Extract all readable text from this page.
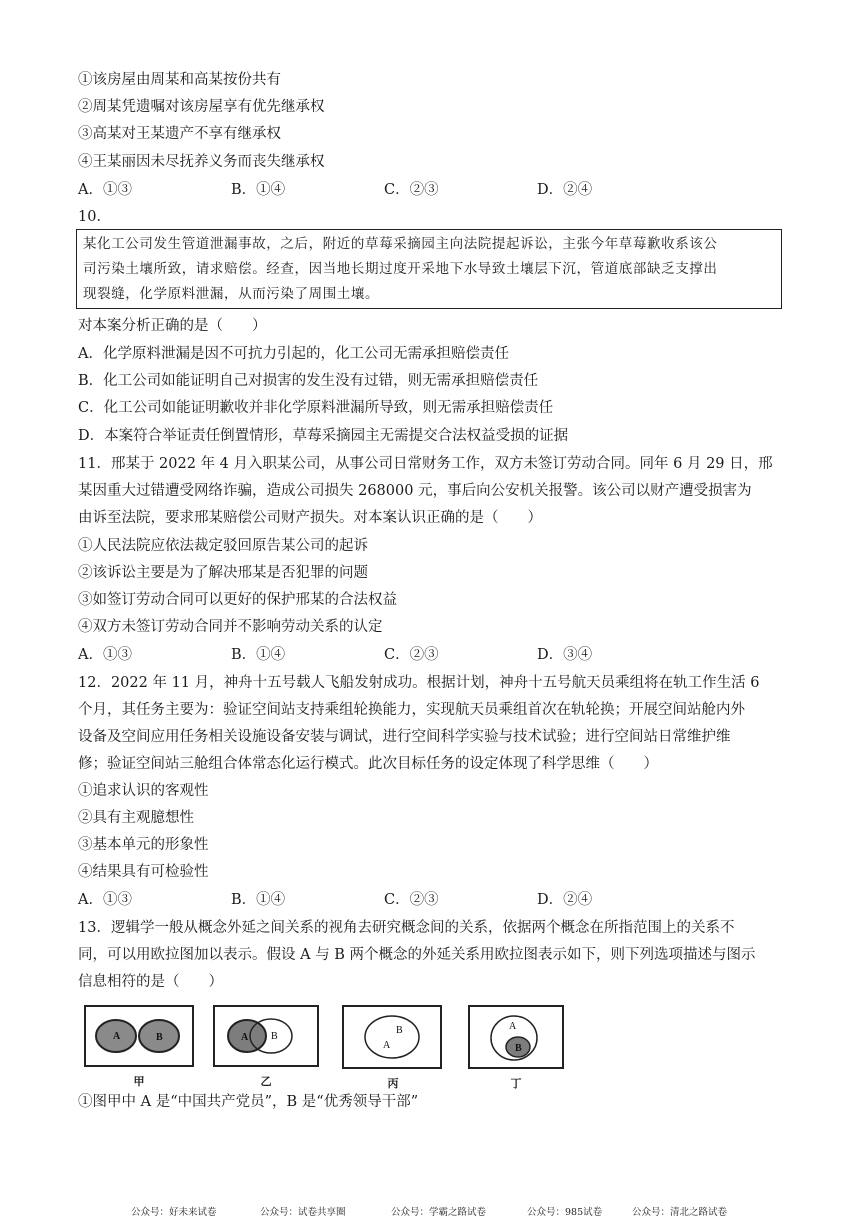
①该房屋由周某和高某按份共有
②周某凭遗嘱对该房屋享有优先继承权
③高某对王某遗产不享有继承权
④王某丽因未尽抚养义务而丧失继承权
A．①③	B．①④	C．②③	D．②④
10．
某化工公司发生管道泄漏事故，之后，附近的草莓采摘园主向法院提起诉讼，主张今年草莓歉收系该公
司污染土壤所致，请求赔偿。经查，因当地长期过度开采地下水导致土壤层下沉，管道底部缺乏支撑出
现裂缝，化学原料泄漏，从而污染了周围土壤。
对本案分析正确的是（　　）
A．化学原料泄漏是因不可抗力引起的，化工公司无需承担赔偿责任
B．化工公司如能证明自己对损害的发生没有过错，则无需承担赔偿责任
C．化工公司如能证明歉收并非化学原料泄漏所导致，则无需承担赔偿责任
D．本案符合举证责任倒置情形，草莓采摘园主无需提交合法权益受损的证据
11．邢某于 2022 年 4 月入职某公司，从事公司日常财务工作，双方未签订劳动合同。同年 6 月 29 日，邢
某因重大过错遭受网络诈骗，造成公司损失 268000 元，事后向公安机关报警。该公司以财产遭受损害为
由诉至法院，要求邢某赔偿公司财产损失。对本案认识正确的是（　　）
①人民法院应依法裁定驳回原告某公司的起诉
②该诉讼主要是为了解决邢某是否犯罪的问题
③如签订劳动合同可以更好的保护邢某的合法权益
④双方未签订劳动合同并不影响劳动关系的认定
A．①③	B．①④	C．②③	D．③④
12．2022 年 11 月，神舟十五号载人飞船发射成功。根据计划，神舟十五号航天员乘组将在轨工作生活 6
个月，其任务主要为：验证空间站支持乘组轮换能力，实现航天员乘组首次在轨轮换；开展空间站舱内外
设备及空间应用任务相关设施设备安装与调试，进行空间科学实验与技术试验；进行空间站日常维护维
修；验证空间站三舱组合体常态化运行模式。此次目标任务的设定体现了科学思维（　　）
①追求认识的客观性
②具有主观臆想性
③基本单元的形象性
④结果具有可检验性
A．①③	B．①④	C．②③	D．②④
13．逻辑学一般从概念外延之间关系的视角去研究概念间的关系，依据两个概念在所指范围上的关系不
同，可以用欧拉图加以表示。假设 A 与 B 两个概念的外延关系用欧拉图表示如下，则下列选项描述与图示
信息相符的是（　　）
A	B
甲
A B
乙
A
B
丙
A
B
丁
①图甲中 A 是“中国共产党员”，B 是“优秀领导干部”
公众号：好未来试卷	公众号：试卷共享圈	公众号：学霸之路试卷	公众号：985试卷	公众号：清北之路试卷
